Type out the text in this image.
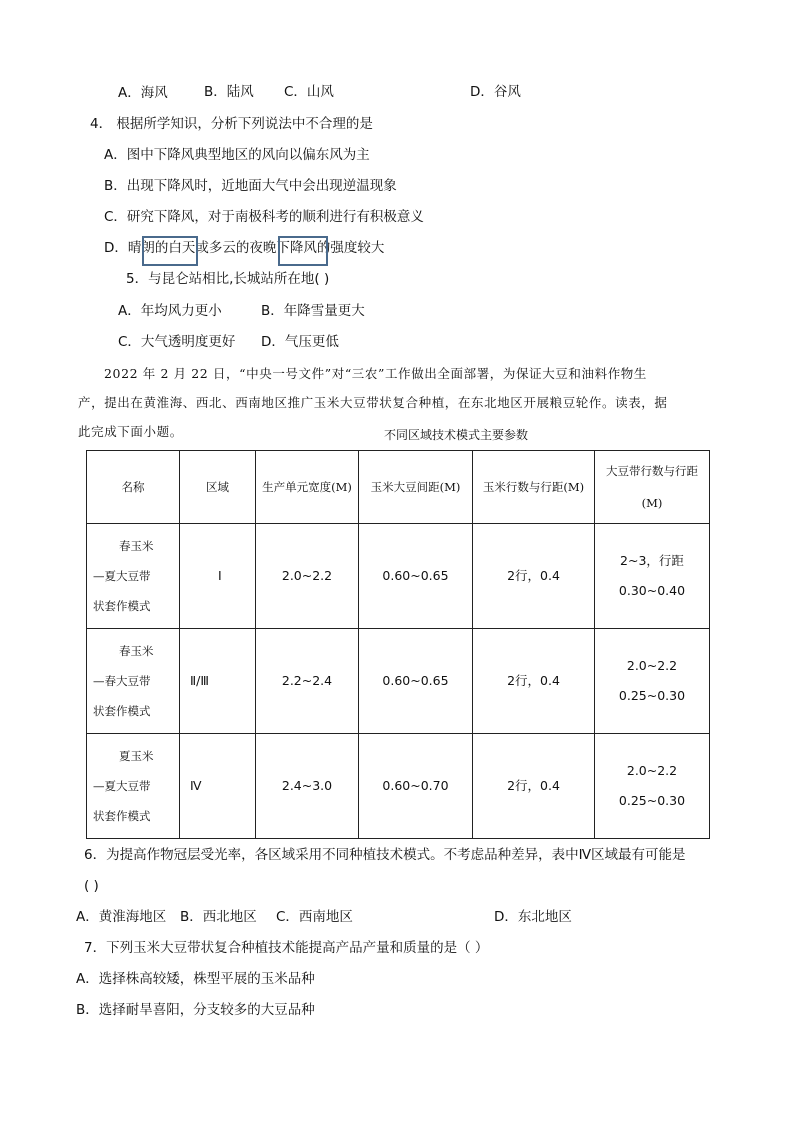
A．海风	B．陆风 C．山风	D．谷风
4． 根据所学知识，分析下列说法中不合理的是
A．图中下降风典型地区的风向以偏东风为主
B．出现下降风时，近地面大气中会出现逆温现象
C．研究下降风，对于南极科考的顺利进行有积极意义
D．晴朗的白天或多云的夜晚下降风的强度较大
5．与昆仑站相比,长城站所在地( )
A．年均风力更小	B．年降雪量更大
C．大气透明度更好 D．气压更低
2022 年 2 月 22 日，“中央一号文件”对“三农”工作做出全面部署，为保证大豆和油料作物生
产，提出在黄淮海、西北、西南地区推广玉米大豆带状复合种植，在东北地区开展粮豆轮作。读表，据
此完成下面小题。	不同区域技术模式主要参数
名称	区域	生产单元宽度(M)	玉米大豆间距(M)	玉米行数与行距(M)	大豆带行数与行距 (M)

春玉米
—夏大豆带
状套作模式	Ⅰ	2.0~2.2	0.60~0.65	2行，0.4	2~3，行距
0.30~0.40

春玉米
—春大豆带
状套作模式	Ⅱ/Ⅲ	2.2~2.4	0.60~0.65	2行，0.4	2.0~2.2
0.25~0.30

夏玉米
—夏大豆带
状套作模式	Ⅳ	2.4~3.0	0.60~0.70	2行，0.4	2.0~2.2
0.25~0.30
6．为提高作物冠层受光率，各区域采用不同种植技术模式。不考虑品种差异，表中Ⅳ区域最有可能是
( )
A．黄淮海地区 B．西北地区 C．西南地区	D．东北地区
7．下列玉米大豆带状复合种植技术能提高产品产量和质量的是（ ）
A．选择株高较矮，株型平展的玉米品种
B．选择耐旱喜阳，分支较多的大豆品种
